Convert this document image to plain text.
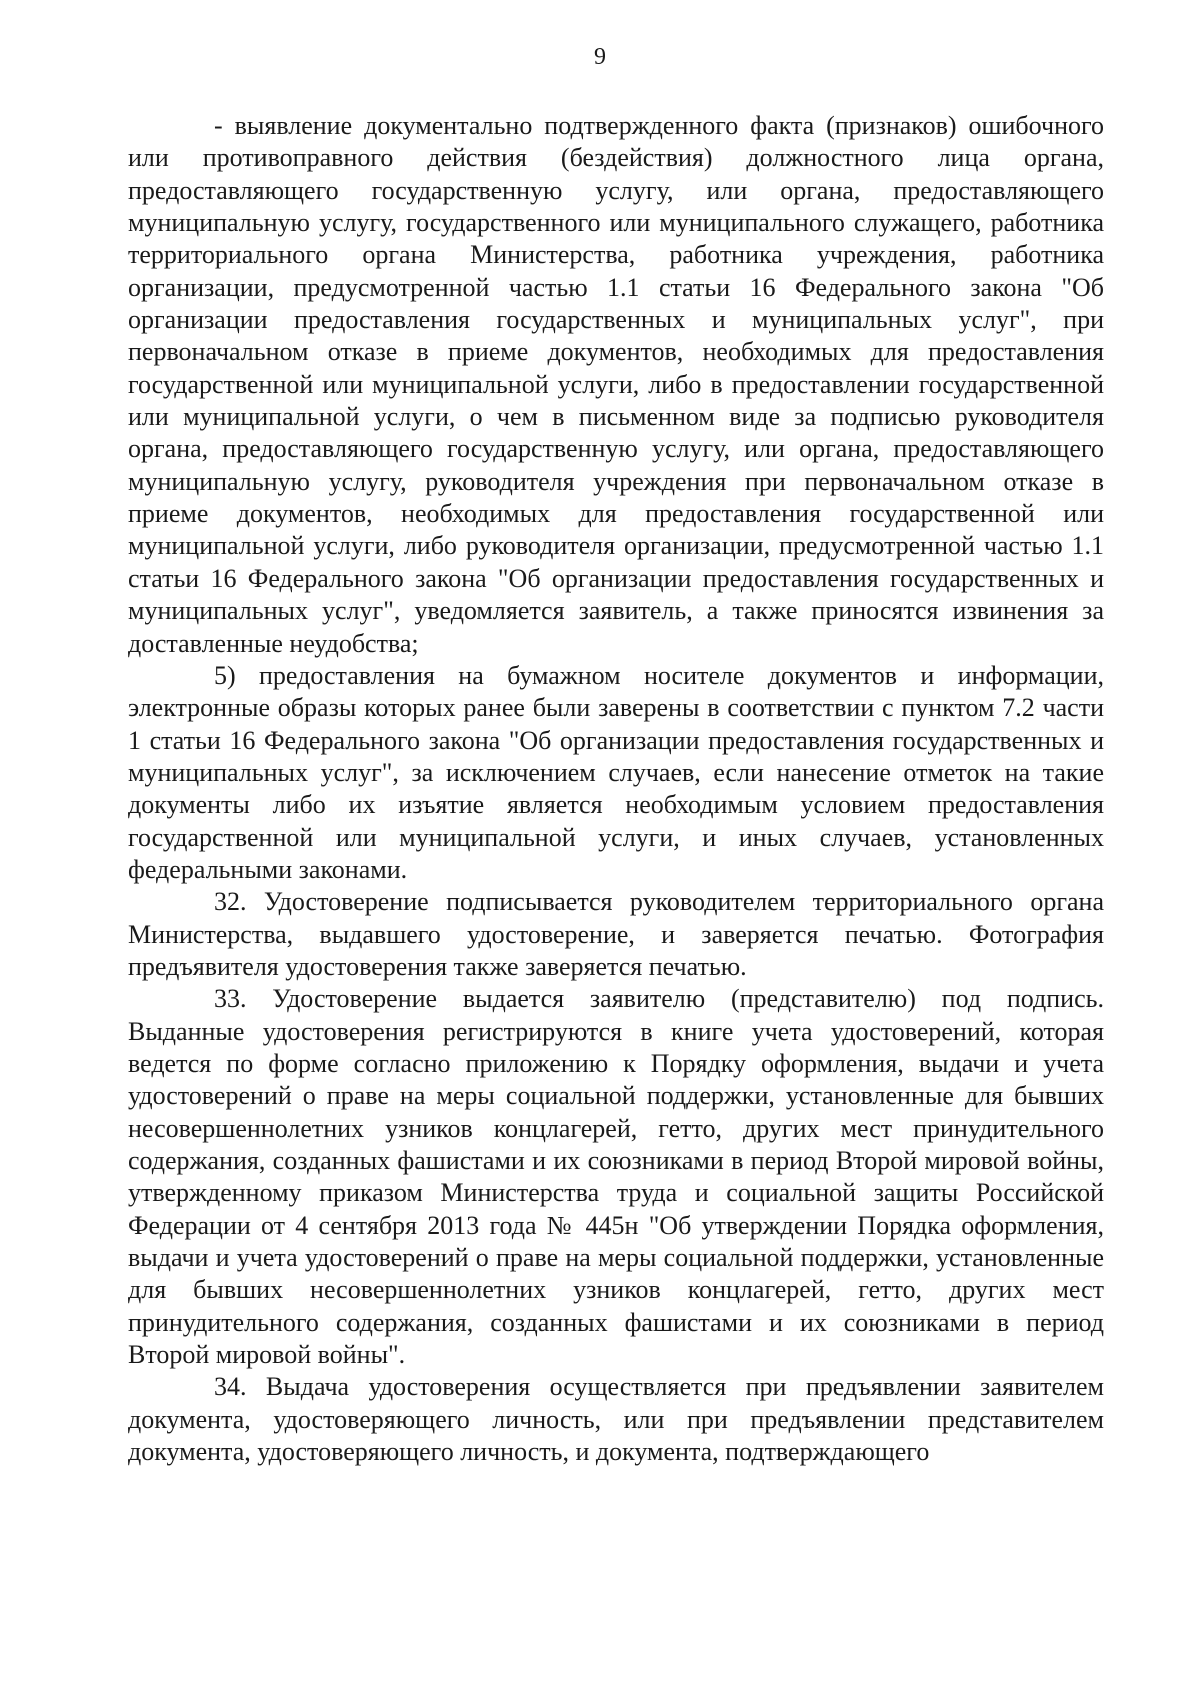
9

- выявление документально подтвержденного факта (признаков) ошибочного или противоправного действия (бездействия) должностного лица органа, предоставляющего государственную услугу, или органа, предоставляющего муниципальную услугу, государственного или муниципального служащего, работника территориального органа Министерства, работника учреждения, работника организации, предусмотренной частью 1.1 статьи 16 Федерального закона "Об организации предоставления государственных и муниципальных услуг", при первоначальном отказе в приеме документов, необходимых для предоставления государственной или муниципальной услуги, либо в предоставлении государственной или муниципальной услуги, о чем в письменном виде за подписью руководителя органа, предоставляющего государственную услугу, или органа, предоставляющего муниципальную услугу, руководителя учреждения при первоначальном отказе в приеме документов, необходимых для предоставления государственной или муниципальной услуги, либо руководителя организации, предусмотренной частью 1.1 статьи 16 Федерального закона "Об организации предоставления государственных и муниципальных услуг", уведомляется заявитель, а также приносятся извинения за доставленные неудобства;

5) предоставления на бумажном носителе документов и информации, электронные образы которых ранее были заверены в соответствии с пунктом 7.2 части 1 статьи 16 Федерального закона "Об организации предоставления государственных и муниципальных услуг", за исключением случаев, если нанесение отметок на такие документы либо их изъятие является необходимым условием предоставления государственной или муниципальной услуги, и иных случаев, установленных федеральными законами.

32. Удостоверение подписывается руководителем территориального органа Министерства, выдавшего удостоверение, и заверяется печатью. Фотография предъявителя удостоверения также заверяется печатью.

33. Удостоверение выдается заявителю (представителю) под подпись. Выданные удостоверения регистрируются в книге учета удостоверений, которая ведется по форме согласно приложению к Порядку оформления, выдачи и учета удостоверений о праве на меры социальной поддержки, установленные для бывших несовершеннолетних узников концлагерей, гетто, других мест принудительного содержания, созданных фашистами и их союзниками в период Второй мировой войны, утвержденному приказом Министерства труда и социальной защиты Российской Федерации от 4 сентября 2013 года № 445н "Об утверждении Порядка оформления, выдачи и учета удостоверений о праве на меры социальной поддержки, установленные для бывших несовершеннолетних узников концлагерей, гетто, других мест принудительного содержания, созданных фашистами и их союзниками в период Второй мировой войны".

34. Выдача удостоверения осуществляется при предъявлении заявителем документа, удостоверяющего личность, или при предъявлении представителем документа, удостоверяющего личность, и документа, подтверждающего
